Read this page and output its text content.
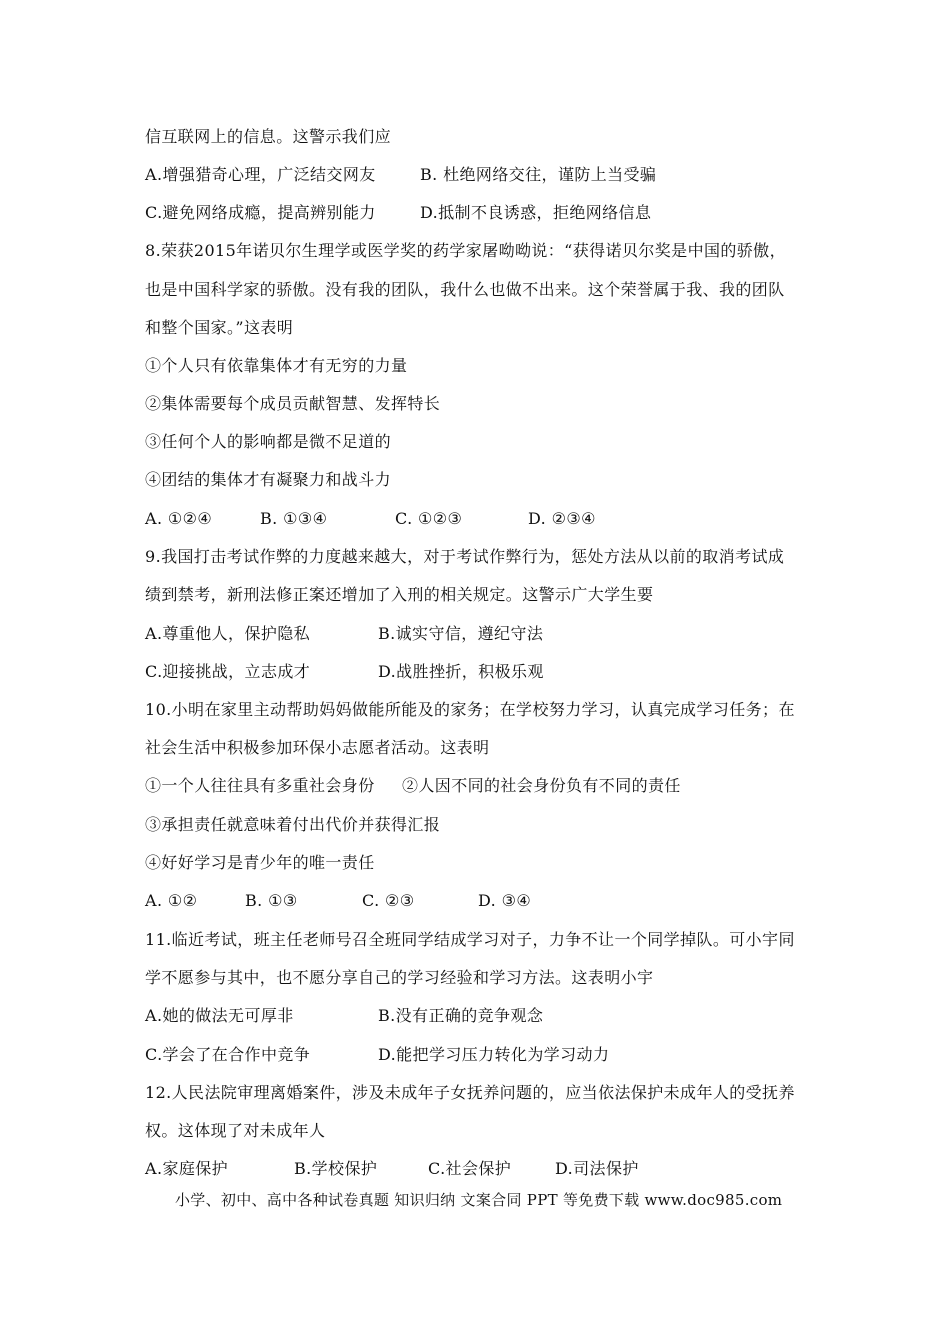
信互联网上的信息。这警示我们应
A.增强猎奇心理，广泛结交网友	B. 杜绝网络交往，谨防上当受骗
C.避免网络成瘾，提高辨别能力	D.抵制不良诱惑，拒绝网络信息
8.荣获2015年诺贝尔生理学或医学奖的药学家屠呦呦说：“获得诺贝尔奖是中国的骄傲，
也是中国科学家的骄傲。没有我的团队，我什么也做不出来。这个荣誉属于我、我的团队
和整个国家。”这表明
①个人只有依靠集体才有无穷的力量
②集体需要每个成员贡献智慧、发挥特长
③任何个人的影响都是微不足道的
④团结的集体才有凝聚力和战斗力
A. ①②④	B. ①③④	C. ①②③	D. ②③④
9.我国打击考试作弊的力度越来越大，对于考试作弊行为，惩处方法从以前的取消考试成
绩到禁考，新刑法修正案还增加了入刑的相关规定。这警示广大学生要
A.尊重他人，保护隐私	B.诚实守信，遵纪守法
C.迎接挑战，立志成才	D.战胜挫折，积极乐观
10.小明在家里主动帮助妈妈做能所能及的家务；在学校努力学习，认真完成学习任务；在
社会生活中积极参加环保小志愿者活动。这表明
①一个人往往具有多重社会身份 ②人因不同的社会身份负有不同的责任
③承担责任就意味着付出代价并获得汇报
④好好学习是青少年的唯一责任
A. ①②	B. ①③	C. ②③	D. ③④
11.临近考试，班主任老师号召全班同学结成学习对子，力争不让一个同学掉队。可小宇同
学不愿参与其中，也不愿分享自己的学习经验和学习方法。这表明小宇
A.她的做法无可厚非	B.没有正确的竞争观念
C.学会了在合作中竞争	D.能把学习压力转化为学习动力
12.人民法院审理离婚案件，涉及未成年子女抚养问题的，应当依法保护未成年人的受抚养
权。这体现了对未成年人
A.家庭保护	B.学校保护	C.社会保护	D.司法保护
小学、初中、高中各种试卷真题 知识归纳 文案合同 PPT 等免费下载 www.doc985.com
